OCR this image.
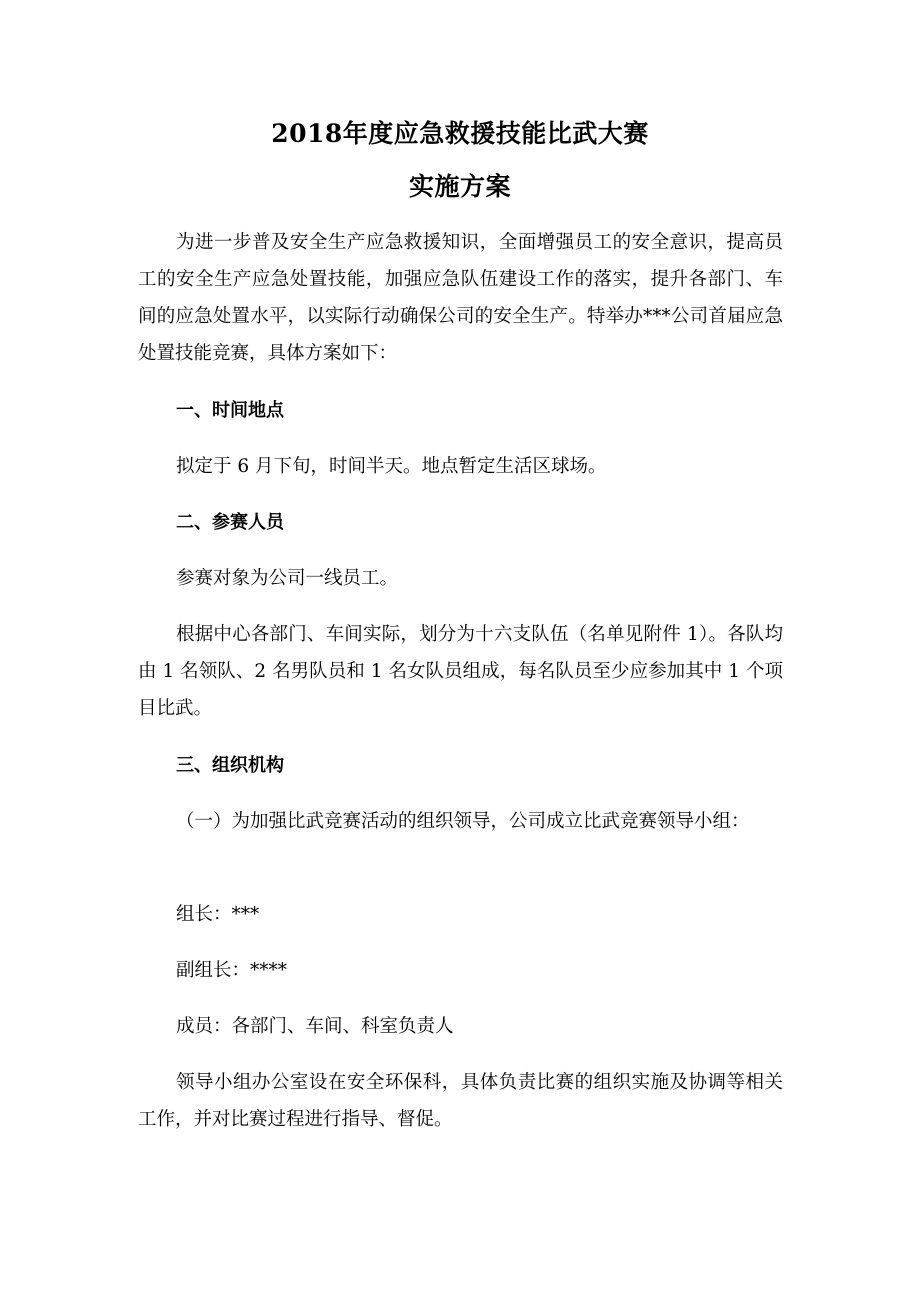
2018年度应急救援技能比武大赛
实施方案

为进一步普及安全生产应急救援知识，全面增强员工的安全意识，提高员工的安全生产应急处置技能，加强应急队伍建设工作的落实，提升各部门、车间的应急处置水平，以实际行动确保公司的安全生产。特举办***公司首届应急处置技能竞赛，具体方案如下：

一、时间地点
拟定于 6 月下旬，时间半天。地点暂定生活区球场。
二、参赛人员
参赛对象为公司一线员工。

根据中心各部门、车间实际，划分为十六支队伍（名单见附件 1）。各队均由 1 名领队、2 名男队员和 1 名女队员组成，每名队员至少应参加其中 1 个项目比武。

三、组织机构
（一）为加强比武竞赛活动的组织领导，公司成立比武竞赛领导小组：
组长：***
副组长：****
成员：各部门、车间、科室负责人

领导小组办公室设在安全环保科，具体负责比赛的组织实施及协调等相关工作，并对比赛过程进行指导、督促。
